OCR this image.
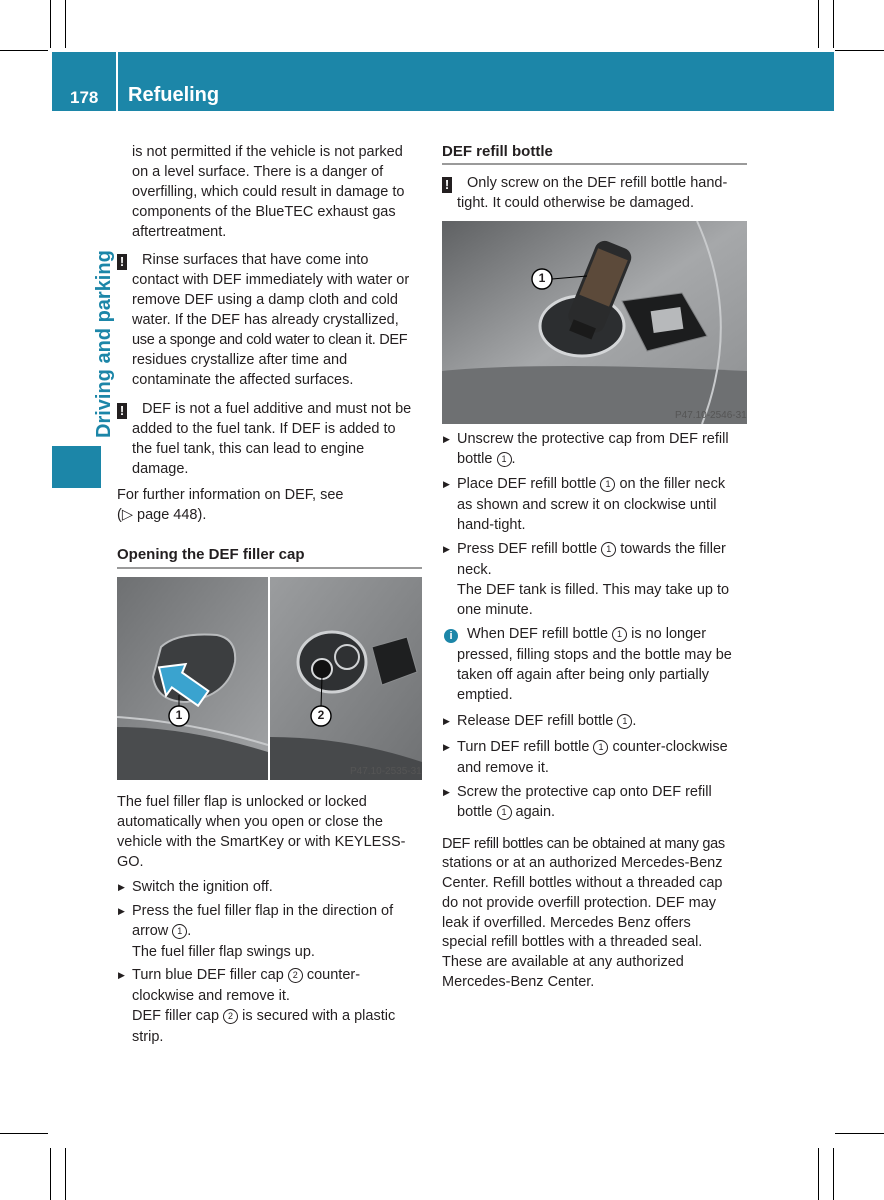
178 Refueling
Driving and parking
is not permitted if the vehicle is not parked
on a level surface. There is a danger of
overfilling, which could result in damage to
components of the BlueTEC exhaust gas
aftertreatment.
!	Rinse surfaces that have come into
contact with DEF immediately with water or
remove DEF using a damp cloth and cold
water. If the DEF has already crystallized,
use a sponge and cold water to clean it. DEF
residues crystallize after time and
contaminate the affected surfaces.
!	DEF is not a fuel additive and must not be
added to the fuel tank. If DEF is added to
the fuel tank, this can lead to engine
damage.
For further information on DEF, see
(▷ page 448).
Opening the DEF filler cap
1	2
P47.10-2535-31
The fuel filler flap is unlocked or locked
automatically when you open or close the
vehicle with the SmartKey or with KEYLESS-
GO.
▶ Switch the ignition off.
▶ Press the fuel filler flap in the direction of
arrow 1 .
The fuel filler flap swings up.
▶ Turn blue DEF filler cap 2 counter-
clockwise and remove it.
DEF filler cap 2 is secured with a plastic
strip.
DEF refill bottle
!	Only screw on the DEF refill bottle hand-
tight. It could otherwise be damaged.
1
P47.10-2546-31
▶ Unscrew the protective cap from DEF refill
bottle 1 .
▶ Place DEF refill bottle 1 on the filler neck
as shown and screw it on clockwise until
hand-tight.
▶ Press DEF refill bottle 1 towards the filler
neck.
The DEF tank is filled. This may take up to
one minute.
i When DEF refill bottle 1 is no longer
pressed, filling stops and the bottle may be
taken off again after being only partially
emptied.
▶ Release DEF refill bottle 1 .
▶ Turn DEF refill bottle 1 counter-clockwise
and remove it.
▶ Screw the protective cap onto DEF refill
bottle 1 again.
DEF refill bottles can be obtained at many gas
stations or at an authorized Mercedes-Benz
Center. Refill bottles without a threaded cap
do not provide overfill protection. DEF may
leak if overfilled. Mercedes Benz offers
special refill bottles with a threaded seal.
These are available at any authorized
Mercedes-Benz Center.
